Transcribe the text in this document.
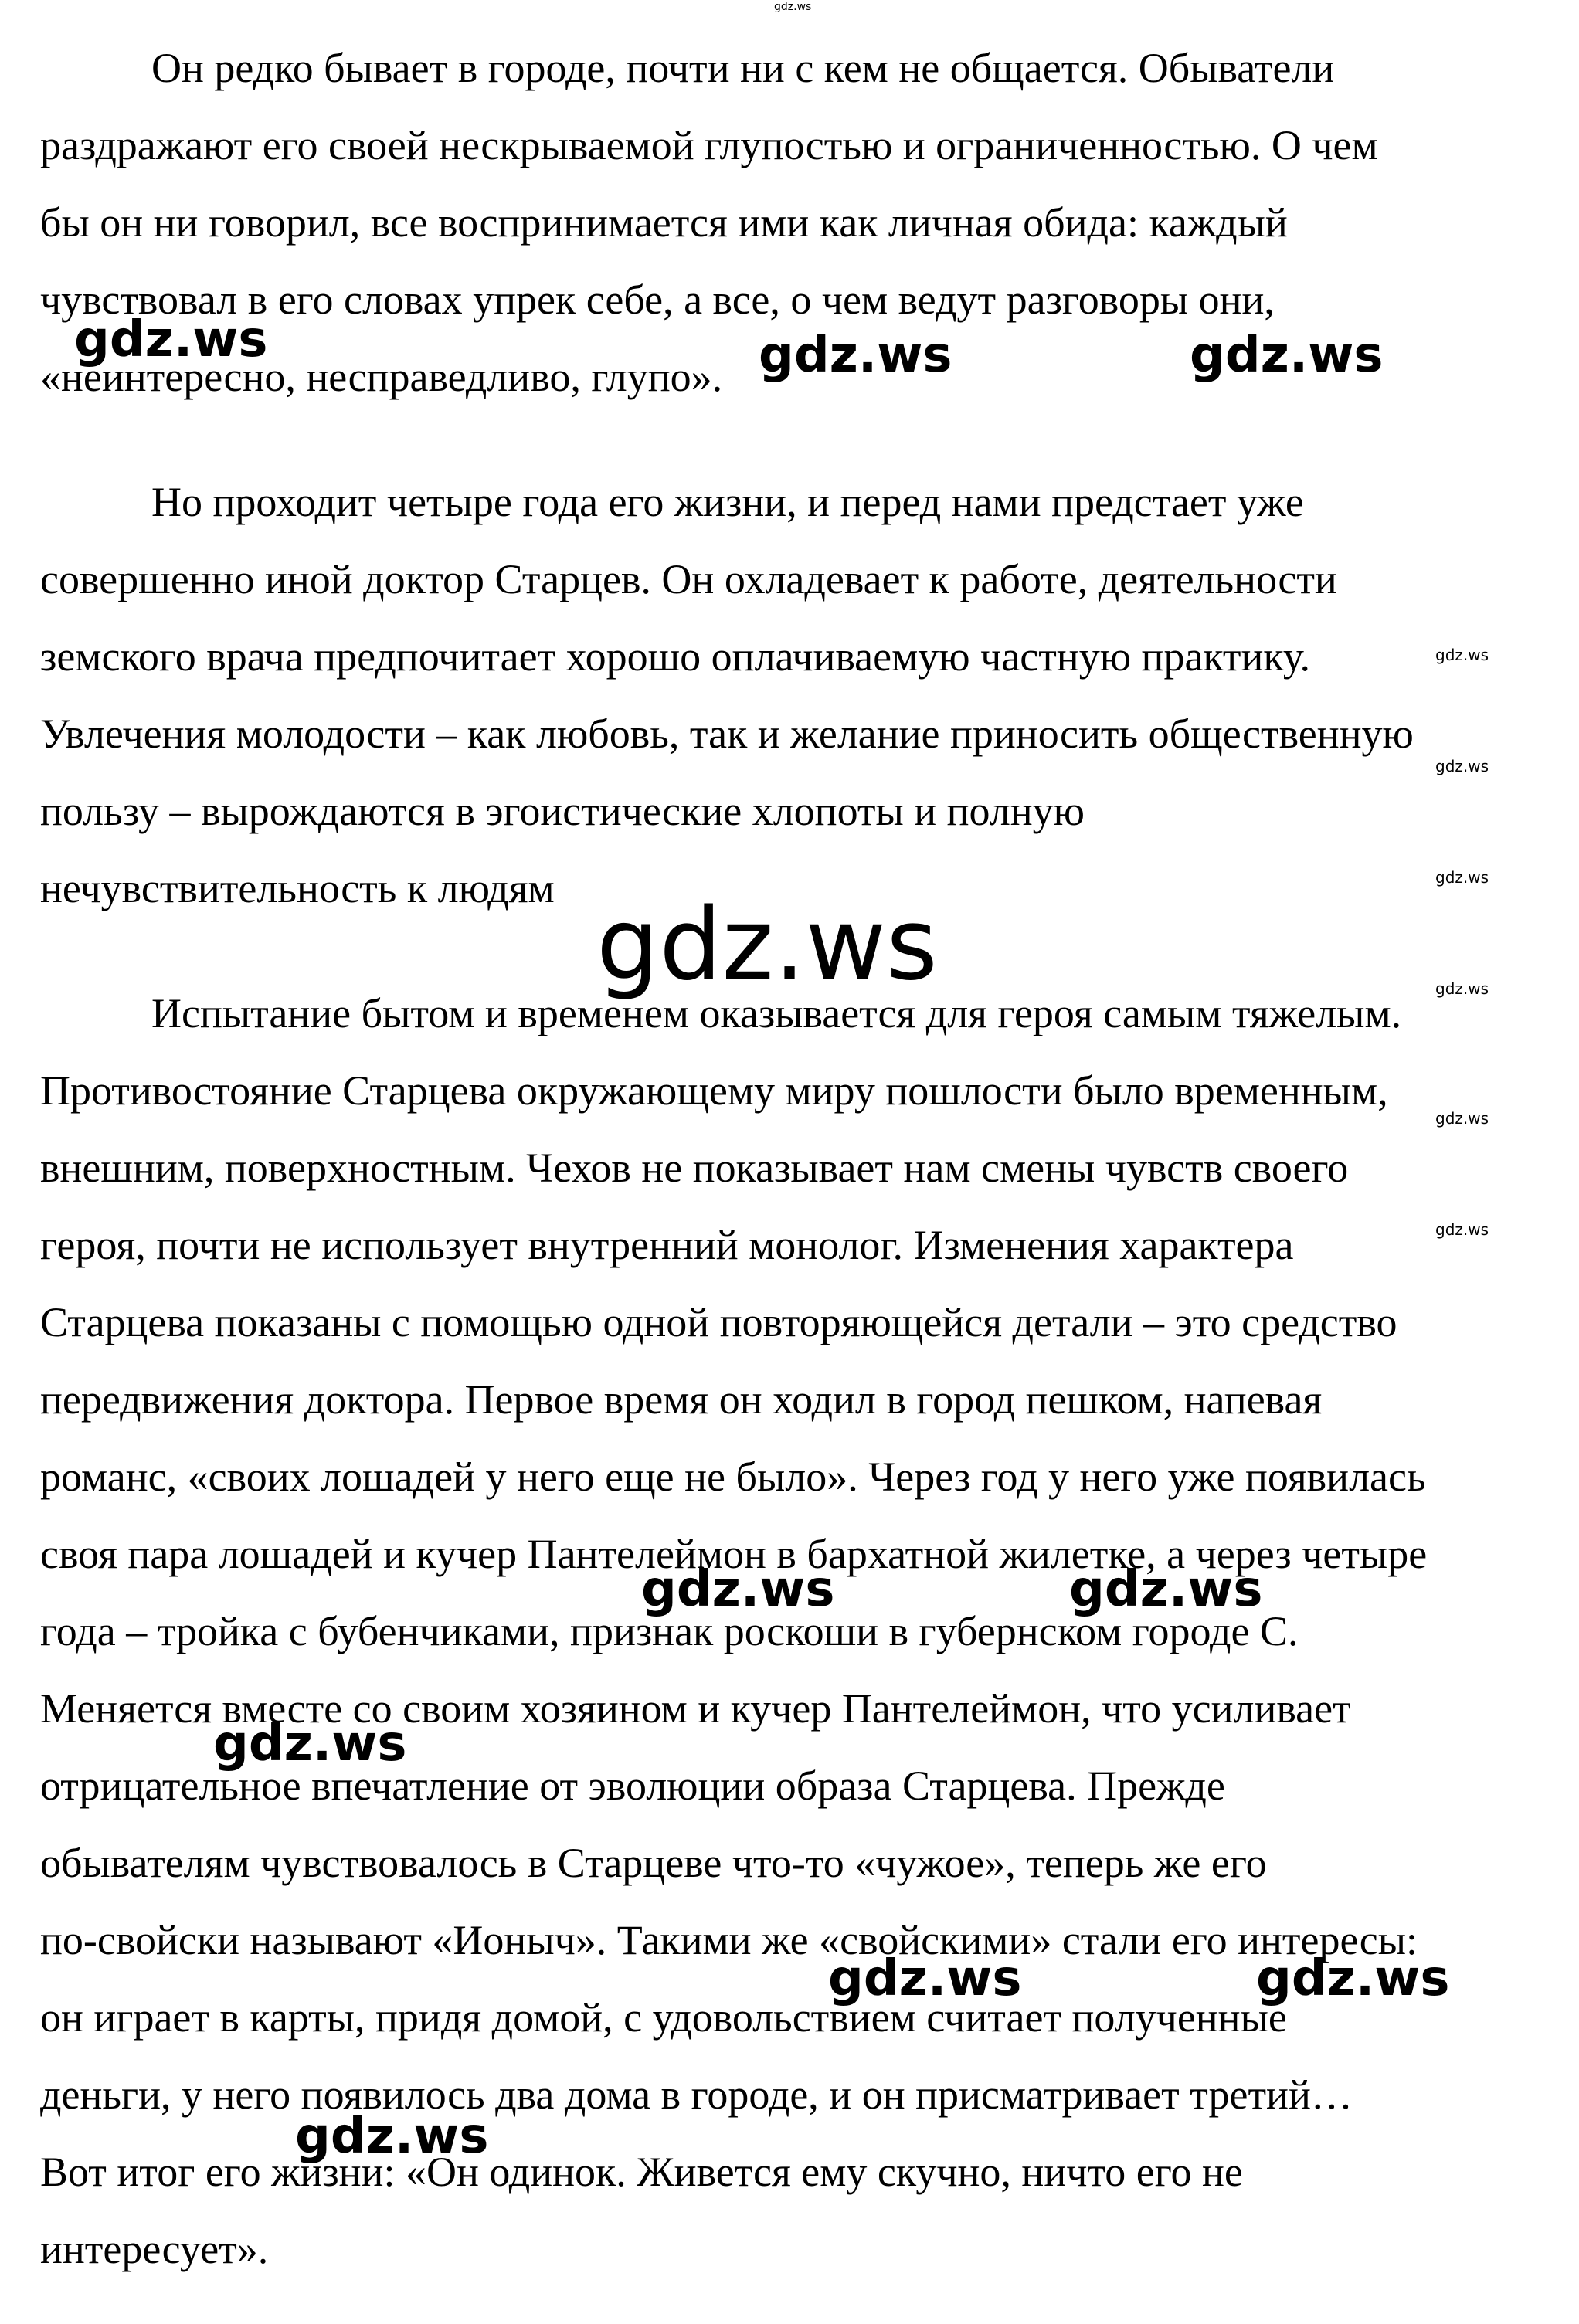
gdz.ws
Он редко бывает в городе, почти ни с кем не общается. Обыватели
раздражают его своей нескрываемой глупостью и ограниченностью. О чем
бы он ни говорил, все воспринимается ими как личная обида: каждый
чувствовал в его словах упрек себе, а все, о чем ведут разговоры они,
«неинтересно, несправедливо, глупо».
Но проходит четыре года его жизни, и перед нами предстает уже
совершенно иной доктор Старцев. Он охладевает к работе, деятельности
земского врача предпочитает хорошо оплачиваемую частную практику.
Увлечения молодости – как любовь, так и желание приносить общественную
пользу – вырождаются в эгоистические хлопоты и полную
нечувствительность к людям
Испытание бытом и временем оказывается для героя самым тяжелым.
Противостояние Старцева окружающему миру пошлости было временным,
внешним, поверхностным. Чехов не показывает нам смены чувств своего
героя, почти не использует внутренний монолог. Изменения характера
Старцева показаны с помощью одной повторяющейся детали – это средство
передвижения доктора. Первое время он ходил в город пешком, напевая
романс, «своих лошадей у него еще не было». Через год у него уже появилась
своя пара лошадей и кучер Пантелеймон в бархатной жилетке, а через четыре
года – тройка с бубенчиками, признак роскоши в губернском городе С.
Меняется вместе со своим хозяином и кучер Пантелеймон, что усиливает
отрицательное впечатление от эволюции образа Старцева. Прежде
обывателям чувствовалось в Старцеве что-то «чужое», теперь же его
по-свойски называют «Ионыч». Такими же «свойскими» стали его интересы:
он играет в карты, придя домой, с удовольствием считает полученные
деньги, у него появилось два дома в городе, и он присматривает третий…
Вот итог его жизни: «Он одинок. Живется ему скучно, ничто его не
интересует».
gdz.ws	gdz.ws	gdz.ws
gdz.ws
gdz.ws
gdz.ws
gdz.ws
gdz.ws
gdz.ws
gdz.ws
gdz.ws	gdz.ws
gdz.ws
gdz.ws	gdz.ws
gdz.ws
